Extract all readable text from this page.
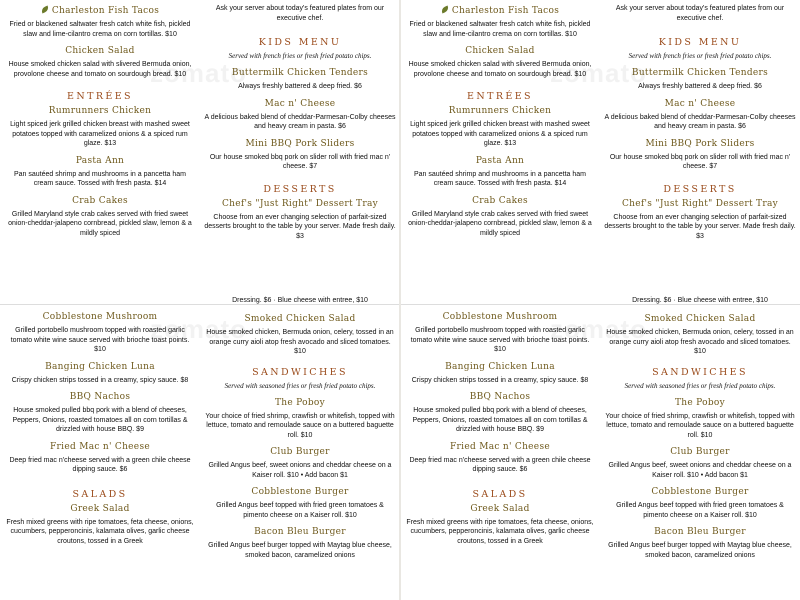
Charleston Fish Tacos
Fried or blackened saltwater fresh catch white fish, pickled slaw and lime-cilantro crema on corn tortillas. $10
Chicken Salad
House smoked chicken salad with slivered Bermuda onion, provolone cheese and tomato on sourdough bread. $10
ENTRÉES
Rumrunners Chicken
Light spiced jerk grilled chicken breast with mashed sweet potatoes topped with caramelized onions & a spiced rum glaze. $13
Pasta Ann
Pan sautéed shrimp and mushrooms in a pancetta ham cream sauce. Tossed with fresh pasta. $14
Crab Cakes
Grilled Maryland style crab cakes served with fried sweet onion-cheddar-jalapeno cornbread, pickled slaw, lemon & a mildly spiced
Ask your server about today's featured plates from our executive chef.
KIDS MENU
Served with french fries or fresh fried potato chips.
Buttermilk Chicken Tenders
Always freshly battered & deep fried. $6
Mac n' Cheese
A delicious baked blend of cheddar-Parmesan-Colby cheeses and heavy cream in pasta. $6
Mini BBQ Pork Sliders
Our house smoked bbq pork on slider roll with fried mac n' cheese. $7
DESSERTS
Chef's "Just Right" Dessert Tray
Choose from an ever changing selection of parfait-sized desserts brought to the table by your server. Made fresh daily. $3
zomato
Charleston Fish Tacos
Fried or blackened saltwater fresh catch white fish, pickled slaw and lime-cilantro crema on corn tortillas. $10
Chicken Salad
House smoked chicken salad with slivered Bermuda onion, provolone cheese and tomato on sourdough bread. $10
ENTRÉES
Rumrunners Chicken
Light spiced jerk grilled chicken breast with mashed sweet potatoes topped with caramelized onions & a spiced rum glaze. $13
Pasta Ann
Pan sautéed shrimp and mushrooms in a pancetta ham cream sauce. Tossed with fresh pasta. $14
Crab Cakes
Grilled Maryland style crab cakes served with fried sweet onion-cheddar-jalapeno cornbread, pickled slaw, lemon & a mildly spiced
Ask your server about today's featured plates from our executive chef.
KIDS MENU
Served with french fries or fresh fried potato chips.
Buttermilk Chicken Tenders
Always freshly battered & deep fried. $6
Mac n' Cheese
A delicious baked blend of cheddar-Parmesan-Colby cheeses and heavy cream in pasta. $6
Mini BBQ Pork Sliders
Our house smoked bbq pork on slider roll with fried mac n' cheese. $7
DESSERTS
Chef's "Just Right" Dessert Tray
Choose from an ever changing selection of parfait-sized desserts brought to the table by your server. Made fresh daily. $3
zomato
Dressing. $6 · Blue cheese with entree, $10
Cobblestone Mushroom
Grilled portobello mushroom topped with roasted garlic tomato white wine sauce served with brioche toast points. $10
Banging Chicken Luna
Crispy chicken strips tossed in a creamy, spicy sauce. $8
BBQ Nachos
House smoked pulled bbq pork with a blend of cheeses, Peppers, Onions, roasted tomatoes all on corn tortillas & drizzled with house BBQ. $9
Fried Mac n' Cheese
Deep fried mac n'cheese served with a green chile cheese dipping sauce. $6
SALADS
Greek Salad
Fresh mixed greens with ripe tomatoes, feta cheese, onions, cucumbers, pepperoncinis, kalamata olives, garlic cheese croutons, tossed in a Greek
Smoked Chicken Salad
House smoked chicken, Bermuda onion, celery, tossed in an orange curry aioli atop fresh avocado and sliced tomatoes. $10
SANDWICHES
Served with seasoned fries or fresh fried potato chips.
The Poboy
Your choice of fried shrimp, crawfish or whitefish, topped with lettuce, tomato and remoulade sauce on a buttered baguette roll. $10
Club Burger
Grilled Angus beef, sweet onions and cheddar cheese on a Kaiser roll. $10 • Add bacon $1
Cobblestone Burger
Grilled Angus beef topped with fried green tomatoes & pimento cheese on a Kaiser roll. $10
Bacon Bleu Burger
Grilled Angus beef burger topped with Maytag blue cheese, smoked bacon, caramelized onions
zomato
Dressing. $6 · Blue cheese with entree, $10
Cobblestone Mushroom
Grilled portobello mushroom topped with roasted garlic tomato white wine sauce served with brioche toast points. $10
Banging Chicken Luna
Crispy chicken strips tossed in a creamy, spicy sauce. $8
BBQ Nachos
House smoked pulled bbq pork with a blend of cheeses, Peppers, Onions, roasted tomatoes all on corn tortillas & drizzled with house BBQ. $9
Fried Mac n' Cheese
Deep fried mac n'cheese served with a green chile cheese dipping sauce. $6
SALADS
Greek Salad
Fresh mixed greens with ripe tomatoes, feta cheese, onions, cucumbers, pepperoncinis, kalamata olives, garlic cheese croutons, tossed in a Greek
Smoked Chicken Salad
House smoked chicken, Bermuda onion, celery, tossed in an orange curry aioli atop fresh avocado and sliced tomatoes. $10
SANDWICHES
Served with seasoned fries or fresh fried potato chips.
The Poboy
Your choice of fried shrimp, crawfish or whitefish, topped with lettuce, tomato and remoulade sauce on a buttered baguette roll. $10
Club Burger
Grilled Angus beef, sweet onions and cheddar cheese on a Kaiser roll. $10 • Add bacon $1
Cobblestone Burger
Grilled Angus beef topped with fried green tomatoes & pimento cheese on a Kaiser roll. $10
Bacon Bleu Burger
Grilled Angus beef burger topped with Maytag blue cheese, smoked bacon, caramelized onions
zomato
